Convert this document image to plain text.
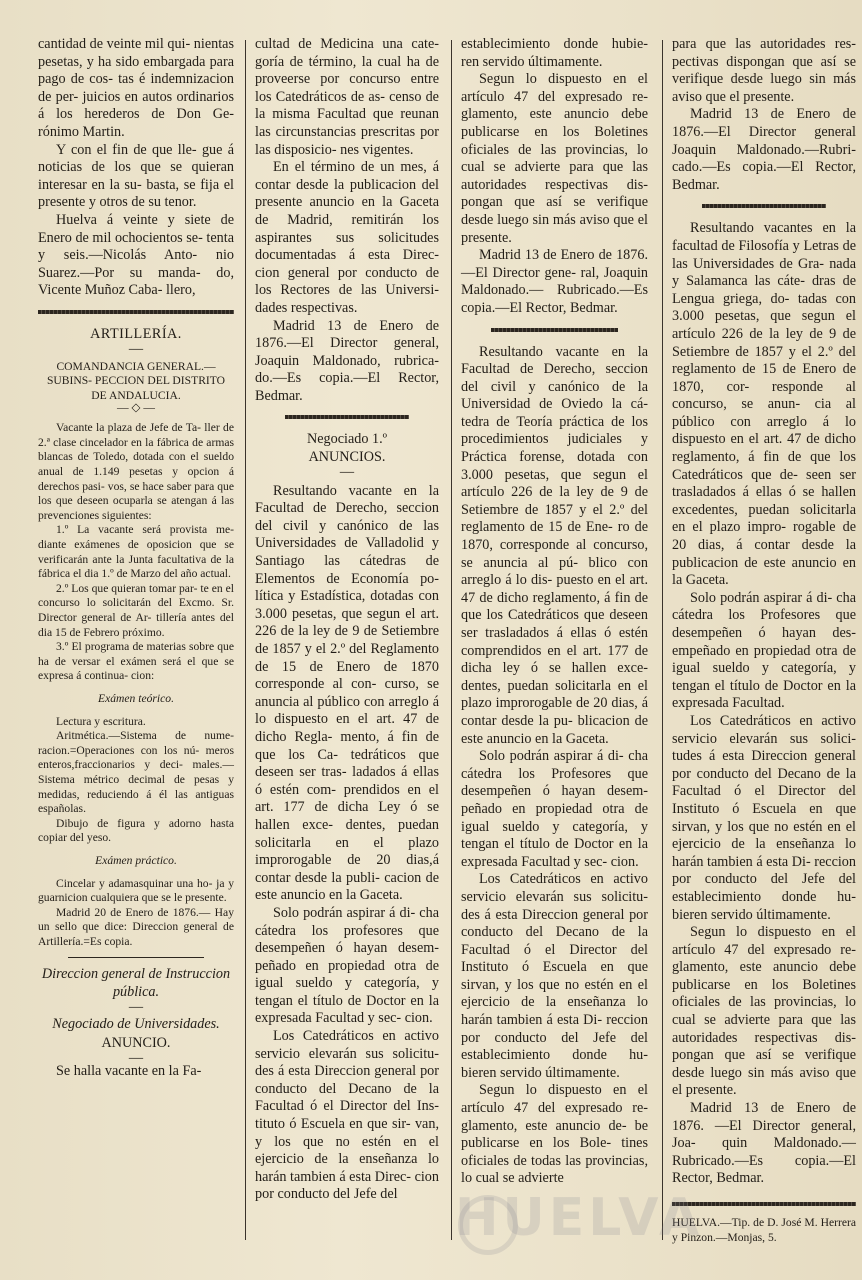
cantidad de veinte mil qui- nientas pesetas, y ha sido embargada para pago de cos- tas é indemnizacion de per- juicios en autos ordinarios á los herederos de Don Ge- rónimo Martin.

Y con el fin de que lle- gue á noticias de los que se quieran interesar en la su- basta, se fija el presente y otros de su tenor.

Huelva á veinte y siete de Enero de mil ochocientos se- tenta y seis.—Nicolás Anto- nio Suarez.—Por su manda- do, Vicente Muñoz Caba- llero,

ARTILLERÍA.

—

COMANDANCIA GENERAL.—SUBINS- PECCION DEL DISTRITO DE ANDALUCIA.

— ◇ —

Vacante la plaza de Jefe de Ta- ller de 2.ª clase cincelador en la fábrica de armas blancas de Toledo, dotada con el sueldo anual de 1.149 pesetas y opcion á derechos pasi- vos, se hace saber para que los que deseen ocuparla se atengan á las prevenciones siguientes:

1.º La vacante será provista me- diante exámenes de oposicion que se verificarán ante la Junta facultativa de la fábrica el dia 1.º de Marzo del año actual.

2.º Los que quieran tomar par- te en el concurso lo solicitarán del Excmo. Sr. Director general de Ar- tillería antes del dia 15 de Febrero próximo.

3.º El programa de materias sobre que ha de versar el exámen será el que se expresa á continua- cion:

Exámen teórico.

Lectura y escritura.

Aritmética.—Sistema de nume- racion.=Operaciones con los nú- meros enteros,fraccionarios y deci- males.—Sistema métrico decimal de pesas y medidas, reduciendo á él las antiguas españolas.

Dibujo de figura y adorno hasta copiar del yeso.

Exámen práctico.

Cincelar y adamasquinar una ho- ja y guarnicion cualquiera que se le presente.

Madrid 20 de Enero de 1876.— Hay un sello que dice: Direccion general de Artillería.=Es copia.

Direccion general de Instruccion pública.

—

Negociado de Universidades.

ANUNCIO.

—

Se halla vacante en la Fa-

cultad de Medicina una cate- goría de término, la cual ha de proveerse por concurso entre los Catedráticos de as- censo de la misma Facultad que reunan las circunstancias prescritas por las disposicio- nes vigentes.

En el término de un mes, á contar desde la publicacion del presente anuncio en la Gaceta de Madrid, remitirán los aspirantes sus solicitudes documentadas á esta Direc- cion general por conducto de los Rectores de las Universi- dades respectivas.

Madrid 13 de Enero de 1876.—El Director general, Joaquin Maldonado, rubrica- do.—Es copia.—El Rector, Bedmar.

Negociado 1.º

ANUNCIOS.

—

Resultando vacante en la Facultad de Derecho, seccion del civil y canónico de las Universidades de Valladolid y Santiago las cátedras de Elementos de Economía po- lítica y Estadística, dotadas con 3.000 pesetas, que segun el art. 226 de la ley de 9 de Setiembre de 1857 y el 2.º del Reglamento de 15 de Enero de 1870 corresponde al con- curso, se anuncia al público con arreglo á lo dispuesto en el art. 47 de dicho Regla- mento, á fin de que los Ca- tedráticos que deseen ser tras- ladados á ellas ó estén com- prendidos en el art. 177 de dicha Ley ó se hallen exce- dentes, puedan solicitarla en el plazo improrogable de 20 dias,á contar desde la publi- cacion de este anuncio en la Gaceta.

Solo podrán aspirar á di- cha cátedra los profesores que desempeñen ó hayan desem- peñado en propiedad otra de igual sueldo y categoría, y tengan el título de Doctor en la expresada Facultad y sec- cion.

Los Catedráticos en activo servicio elevarán sus solicitu- des á esta Direccion general por conducto del Decano de la Facultad ó el Director del Ins- tituto ó Escuela en que sir- van, y los que no estén en el ejercicio de la enseñanza lo harán tambien á esta Direc- cion por conducto del Jefe del

establecimiento donde hubie- ren servido últimamente.

Segun lo dispuesto en el artículo 47 del expresado re- glamento, este anuncio debe publicarse en los Boletines oficiales de las provincias, lo cual se advierte para que las autoridades respectivas dis- pongan que así se verifique desde luego sin más aviso que el presente.

Madrid 13 de Enero de 1876.—El Director gene- ral, Joaquin Maldonado.— Rubricado.—Es copia.—El Rector, Bedmar.

Resultando vacante en la Facultad de Derecho, seccion del civil y canónico de la Universidad de Oviedo la cá- tedra de Teoría práctica de los procedimientos judiciales y Práctica forense, dotada con 3.000 pesetas, que segun el artículo 226 de la ley de 9 de Setiembre de 1857 y el 2.º del reglamento de 15 de Ene- ro de 1870, corresponde al concurso, se anuncia al pú- blico con arreglo á lo dis- puesto en el art. 47 de dicho reglamento, á fin de que los Catedráticos que deseen ser trasladados á ellas ó estén comprendidos en el art. 177 de dicha ley ó se hallen exce- dentes, puedan solicitarla en el plazo improrogable de 20 dias, á contar desde la pu- blicacion de este anuncio en la Gaceta.

Solo podrán aspirar á di- cha cátedra los Profesores que desempeñen ó hayan desem- peñado en propiedad otra de igual sueldo y categoría, y tengan el título de Doctor en la expresada Facultad y sec- cion.

Los Catedráticos en activo servicio elevarán sus solicitu- des á esta Direccion general por conducto del Decano de la Facultad ó el Director del Instituto ó Escuela en que sirvan, y los que no estén en el ejercicio de la enseñanza lo harán tambien á esta Di- reccion por conducto del Jefe del establecimiento donde hu- bieren servido últimamente.

Segun lo dispuesto en el artículo 47 del expresado re- glamento, este anuncio de- be publicarse en los Bole- tines oficiales de todas las provincias, lo cual se advierte

para que las autoridades res- pectivas dispongan que así se verifique desde luego sin más aviso que el presente.

Madrid 13 de Enero de 1876.—El Director general Joaquin Maldonado.—Rubri- cado.—Es copia.—El Rector, Bedmar.

Resultando vacantes en la facultad de Filosofía y Letras de las Universidades de Gra- nada y Salamanca las cáte- dras de Lengua griega, do- tadas con 3.000 pesetas, que segun el artículo 226 de la ley de 9 de Setiembre de 1857 y el 2.º del reglamento de 15 de Enero de 1870, cor- responde al concurso, se anun- cia al público con arreglo á lo dispuesto en el art. 47 de dicho reglamento, á fin de que los Catedráticos que de- seen ser trasladados á ellas ó se hallen excedentes, puedan solicitarla en el plazo impro- rogable de 20 dias, á contar desde la publicacion de este anuncio en la Gaceta.

Solo podrán aspirar á di- cha cátedra los Profesores que desempeñen ó hayan des- empeñado en propiedad otra de igual sueldo y categoría, y tengan el título de Doctor en la expresada Facultad.

Los Catedráticos en activo servicio elevarán sus solici- tudes á esta Direccion general por conducto del Decano de la Facultad ó el Director del Instituto ó Escuela en que sirvan, y los que no estén en el ejercicio de la enseñanza lo harán tambien á esta Di- reccion por conducto del Jefe del establecimiento donde hu- bieren servido últimamente.

Segun lo dispuesto en el artículo 47 del expresado re- glamento, este anuncio debe publicarse en los Boletines oficiales de las provincias, lo cual se advierte para que las autoridades respectivas dis- pongan que así se verifique desde luego sin más aviso que el presente.

Madrid 13 de Enero de 1876. —El Director general, Joa- quin Maldonado.—Rubricado.—Es copia.—El Rector, Bedmar.

HUELVA.—Tip. de D. José M. Herrera y Pinzon.—Monjas, 5.

HUELVA
